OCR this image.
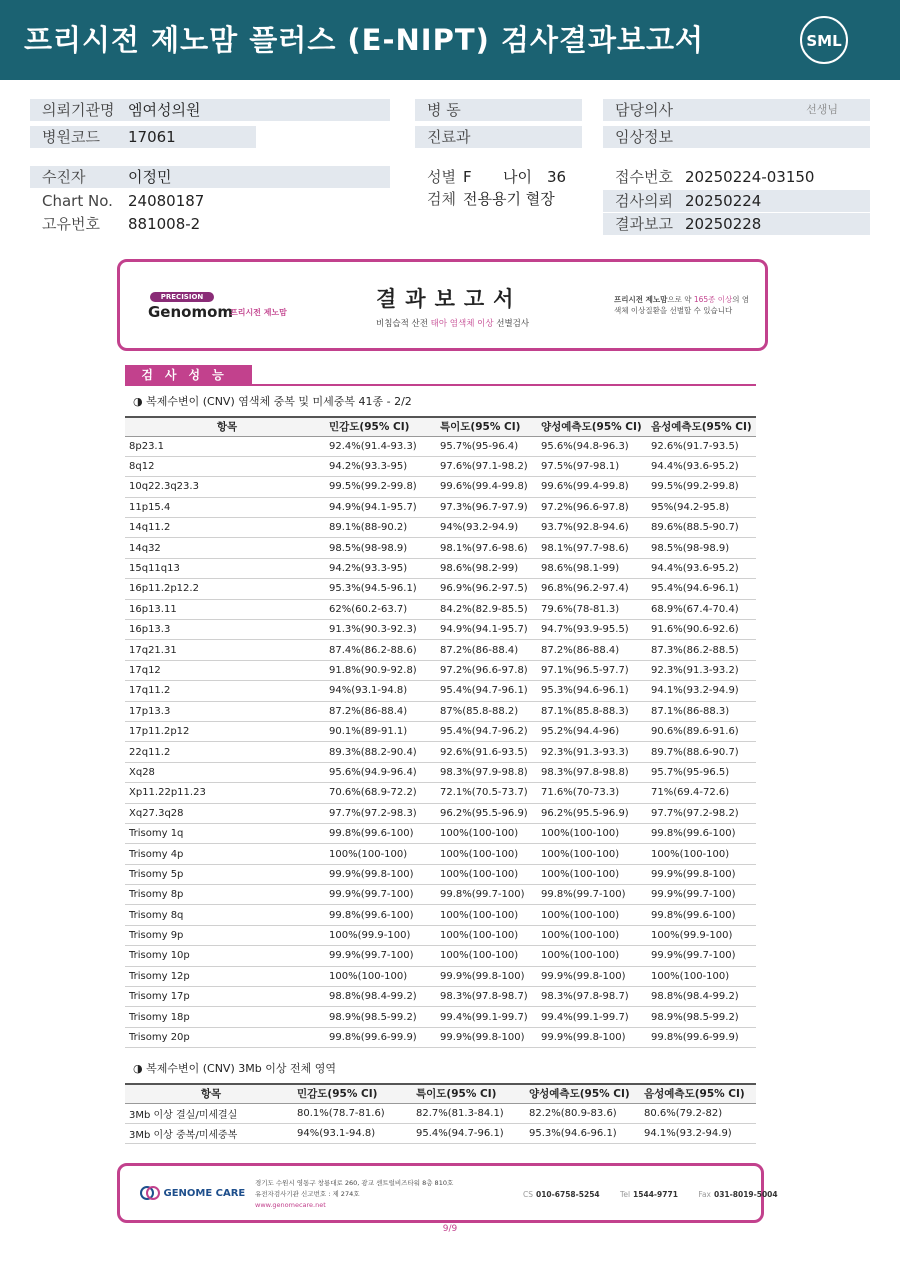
프리시전 제노맘 플러스 (E-NIPT) 검사결과보고서	SML
의뢰기관명 엠여성의원
병원코드 17061
병 동
진료과
담당의사	선생님
임상정보
수진자	이정민
Chart No. 24080187
고유번호 881008-2
성별 F 나이 36
검체 전용용기 혈장
접수번호 20250224-03150
검사의뢰 20250224
결과보고 20250228
PRECISION
Genomom
프리시전 제노맘
결과보고서
비침습적 산전 태아 염색체 이상 선별검사
프리시전 제노맘으로 약 165종 이상의 염색체 이상질환을 선별할 수 있습니다
검사성능
◑ 복제수변이 (CNV) 염색체 중복 및 미세중복 41종 - 2/2
항목	민감도(95% CI)	특이도(95% CI)	양성예측도(95% CI)	음성예측도(95% CI)
8p23.1	92.4%(91.4-93.3)	95.7%(95-96.4)	95.6%(94.8-96.3)	92.6%(91.7-93.5)
8q12	94.2%(93.3-95)	97.6%(97.1-98.2)	97.5%(97-98.1)	94.4%(93.6-95.2)
10q22.3q23.3	99.5%(99.2-99.8)	99.6%(99.4-99.8)	99.6%(99.4-99.8)	99.5%(99.2-99.8)
11p15.4	94.9%(94.1-95.7)	97.3%(96.7-97.9)	97.2%(96.6-97.8)	95%(94.2-95.8)
14q11.2	89.1%(88-90.2)	94%(93.2-94.9)	93.7%(92.8-94.6)	89.6%(88.5-90.7)
14q32	98.5%(98-98.9)	98.1%(97.6-98.6)	98.1%(97.7-98.6)	98.5%(98-98.9)
15q11q13	94.2%(93.3-95)	98.6%(98.2-99)	98.6%(98.1-99)	94.4%(93.6-95.2)
16p11.2p12.2	95.3%(94.5-96.1)	96.9%(96.2-97.5)	96.8%(96.2-97.4)	95.4%(94.6-96.1)
16p13.11	62%(60.2-63.7)	84.2%(82.9-85.5)	79.6%(78-81.3)	68.9%(67.4-70.4)
16p13.3	91.3%(90.3-92.3)	94.9%(94.1-95.7)	94.7%(93.9-95.5)	91.6%(90.6-92.6)
17q21.31	87.4%(86.2-88.6)	87.2%(86-88.4)	87.2%(86-88.4)	87.3%(86.2-88.5)
17q12	91.8%(90.9-92.8)	97.2%(96.6-97.8)	97.1%(96.5-97.7)	92.3%(91.3-93.2)
17q11.2	94%(93.1-94.8)	95.4%(94.7-96.1)	95.3%(94.6-96.1)	94.1%(93.2-94.9)
17p13.3	87.2%(86-88.4)	87%(85.8-88.2)	87.1%(85.8-88.3)	87.1%(86-88.3)
17p11.2p12	90.1%(89-91.1)	95.4%(94.7-96.2)	95.2%(94.4-96)	90.6%(89.6-91.6)
22q11.2	89.3%(88.2-90.4)	92.6%(91.6-93.5)	92.3%(91.3-93.3)	89.7%(88.6-90.7)
Xq28	95.6%(94.9-96.4)	98.3%(97.9-98.8)	98.3%(97.8-98.8)	95.7%(95-96.5)
Xp11.22p11.23	70.6%(68.9-72.2)	72.1%(70.5-73.7)	71.6%(70-73.3)	71%(69.4-72.6)
Xq27.3q28	97.7%(97.2-98.3)	96.2%(95.5-96.9)	96.2%(95.5-96.9)	97.7%(97.2-98.2)
Trisomy 1q	99.8%(99.6-100)	100%(100-100)	100%(100-100)	99.8%(99.6-100)
Trisomy 4p	100%(100-100)	100%(100-100)	100%(100-100)	100%(100-100)
Trisomy 5p	99.9%(99.8-100)	100%(100-100)	100%(100-100)	99.9%(99.8-100)
Trisomy 8p	99.9%(99.7-100)	99.8%(99.7-100)	99.8%(99.7-100)	99.9%(99.7-100)
Trisomy 8q	99.8%(99.6-100)	100%(100-100)	100%(100-100)	99.8%(99.6-100)
Trisomy 9p	100%(99.9-100)	100%(100-100)	100%(100-100)	100%(99.9-100)
Trisomy 10p	99.9%(99.7-100)	100%(100-100)	100%(100-100)	99.9%(99.7-100)
Trisomy 12p	100%(100-100)	99.9%(99.8-100)	99.9%(99.8-100)	100%(100-100)
Trisomy 17p	98.8%(98.4-99.2)	98.3%(97.8-98.7)	98.3%(97.8-98.7)	98.8%(98.4-99.2)
Trisomy 18p	98.9%(98.5-99.2)	99.4%(99.1-99.7)	99.4%(99.1-99.7)	98.9%(98.5-99.2)
Trisomy 20p	99.8%(99.6-99.9)	99.9%(99.8-100)	99.9%(99.8-100)	99.8%(99.6-99.9)
◑ 복제수변이 (CNV) 3Mb 이상 전체 영역
항목	민감도(95% CI)	특이도(95% CI)	양성예측도(95% CI)	음성예측도(95% CI)
3Mb 이상 결실/미세결실	80.1%(78.7-81.6)	82.7%(81.3-84.1)	82.2%(80.9-83.6)	80.6%(79.2-82)
3Mb 이상 중복/미세중복	94%(93.1-94.8)	95.4%(94.7-96.1)	95.3%(94.6-96.1)	94.1%(93.2-94.9)
GENOME CARE
경기도 수원시 영통구 창룡대로 260, 광교 센트럴비즈타워 8층 810호
유전자검사기관 신고번호 : 제 274호
www.genomecare.net
CS 010-6758-5254	Tel 1544-9771	Fax 031-8019-5004
9/9
